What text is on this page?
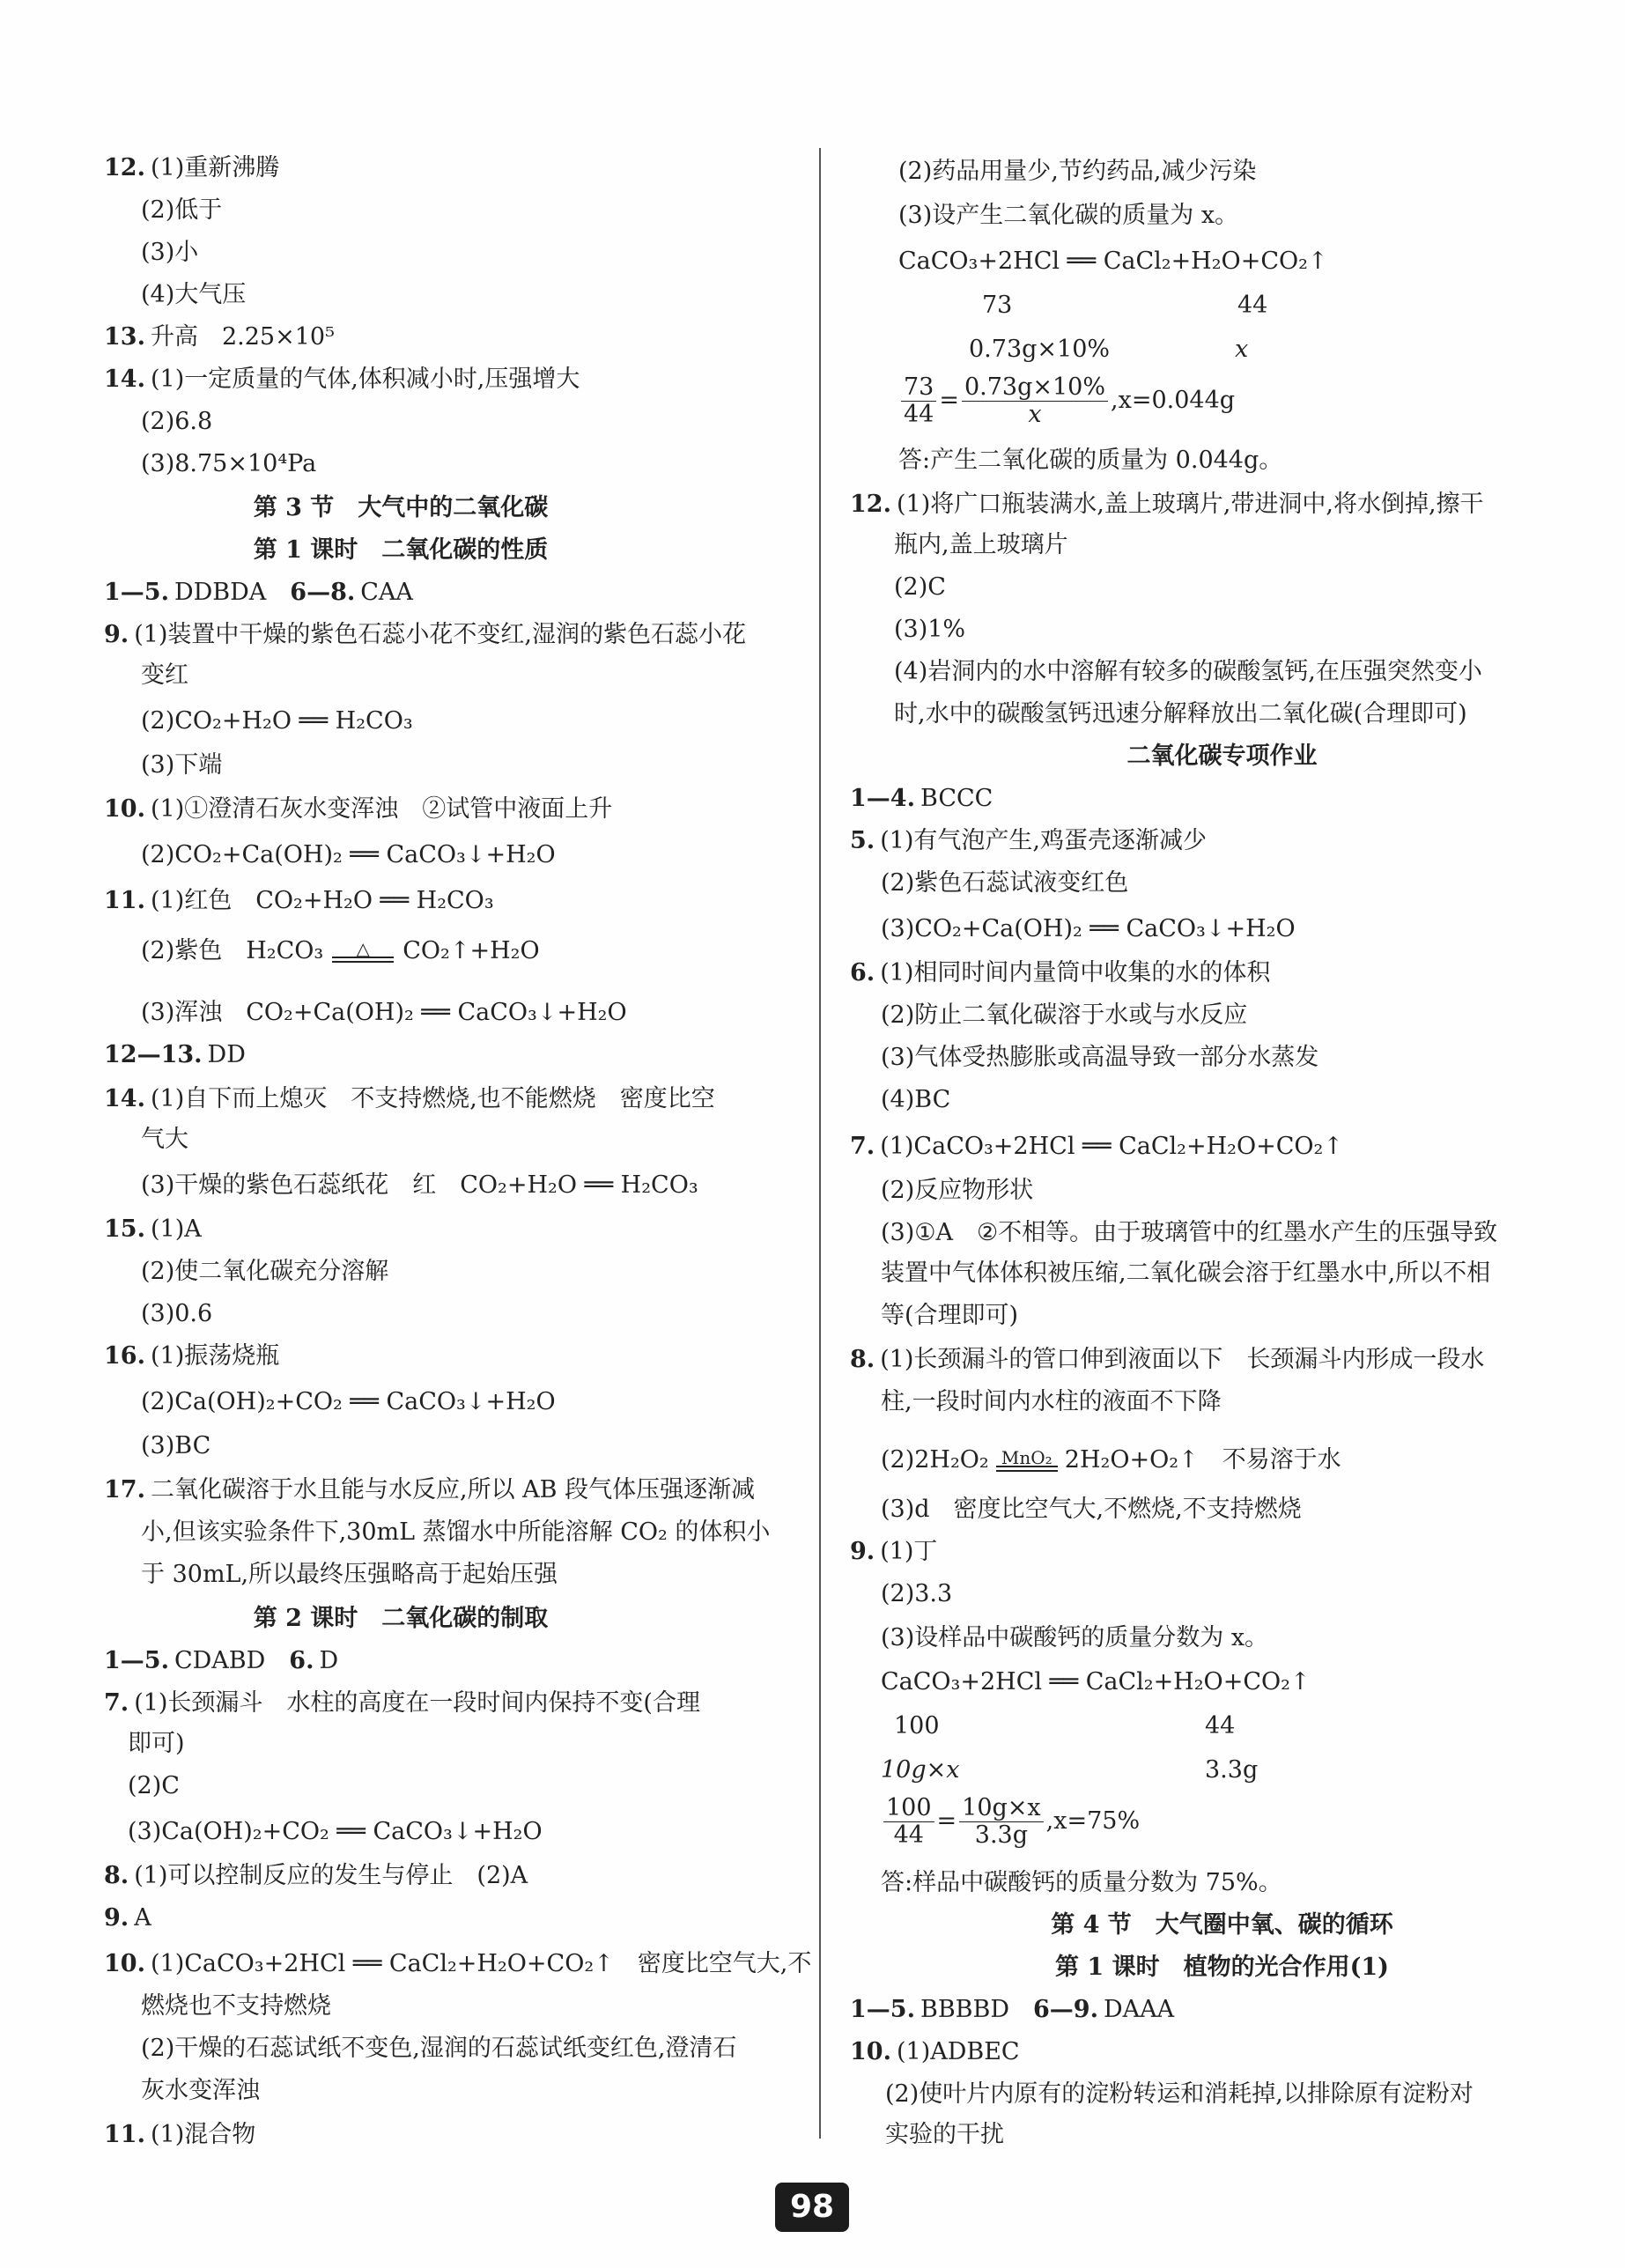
12. (1)重新沸腾
(2)低于
(3)小
(4)大气压
13. 升高　2.25×10⁵
14. (1)一定质量的气体,体积减小时,压强增大
(2)6.8
(3)8.75×10⁴Pa
第 3 节　大气中的二氧化碳
第 1 课时　二氧化碳的性质
1—5. DDBDA　 6—8. CAA
9. (1)装置中干燥的紫色石蕊小花不变红,湿润的紫色石蕊小花
变红
(2)CO₂+H₂O ══ H₂CO₃
(3)下端
10. (1)①澄清石灰水变浑浊　②试管中液面上升
(2)CO₂+Ca(OH)₂ ══ CaCO₃↓+H₂O
11. (1)红色　CO₂+H₂O ══ H₂CO₃
(2)紫色　H₂CO₃	△	CO₂↑+H₂O
(3)浑浊　CO₂+Ca(OH)₂ ══ CaCO₃↓+H₂O
12—13. DD
14. (1)自下而上熄灭　不支持燃烧,也不能燃烧　密度比空
气大
(3)干燥的紫色石蕊纸花　红　CO₂+H₂O ══ H₂CO₃
15. (1)A
(2)使二氧化碳充分溶解
(3)0.6
16. (1)振荡烧瓶
(2)Ca(OH)₂+CO₂ ══ CaCO₃↓+H₂O
(3)BC
17. 二氧化碳溶于水且能与水反应,所以 AB 段气体压强逐渐减
小,但该实验条件下,30mL 蒸馏水中所能溶解 CO₂ 的体积小
于 30mL,所以最终压强略高于起始压强
第 2 课时　二氧化碳的制取
1—5. CDABD　 6. D
7. (1)长颈漏斗　水柱的高度在一段时间内保持不变(合理
即可)
(2)C
(3)Ca(OH)₂+CO₂ ══ CaCO₃↓+H₂O
8. (1)可以控制反应的发生与停止　(2)A
9. A
10. (1)CaCO₃+2HCl ══ CaCl₂+H₂O+CO₂↑　密度比空气大,不
燃烧也不支持燃烧
(2)干燥的石蕊试纸不变色,湿润的石蕊试纸变红色,澄清石
灰水变浑浊
11. (1)混合物
(2)药品用量少,节约药品,减少污染
(3)设产生二氧化碳的质量为 x。
CaCO₃+2HCl ══ CaCl₂+H₂O+CO₂↑
73	44
0.73g×10%	x
$\frac{73}{44} = \frac{0.73g\times 10\%}{x} ,x=0.044g$
答:产生二氧化碳的质量为 0.044g。
12. (1)将广口瓶装满水,盖上玻璃片,带进洞中,将水倒掉,擦干
瓶内,盖上玻璃片
(2)C
(3)1%
(4)岩洞内的水中溶解有较多的碳酸氢钙,在压强突然变小
时,水中的碳酸氢钙迅速分解释放出二氧化碳(合理即可)
二氧化碳专项作业
1—4. BCCC
5. (1)有气泡产生,鸡蛋壳逐渐减少
(2)紫色石蕊试液变红色
(3)CO₂+Ca(OH)₂ ══ CaCO₃↓+H₂O
6. (1)相同时间内量筒中收集的水的体积
(2)防止二氧化碳溶于水或与水反应
(3)气体受热膨胀或高温导致一部分水蒸发
(4)BC
7. (1)CaCO₃+2HCl ══ CaCl₂+H₂O+CO₂↑
(2)反应物形状
(3)①A　②不相等。由于玻璃管中的红墨水产生的压强导致
装置中气体体积被压缩,二氧化碳会溶于红墨水中,所以不相
等(合理即可)
8. (1)长颈漏斗的管口伸到液面以下　长颈漏斗内形成一段水
柱,一段时间内水柱的液面不下降
(2)2H₂O₂ MnO₂ 2H₂O+O₂↑　不易溶于水
(3)d　密度比空气大,不燃烧,不支持燃烧
9. (1)丁
(2)3.3
(3)设样品中碳酸钙的质量分数为 x。
CaCO₃+2HCl ══ CaCl₂+H₂O+CO₂↑
100	44
10g×x	3.3g
$\frac{100}{44} = \frac{10g\times x}{3.3g} ,x=75\%$
答:样品中碳酸钙的质量分数为 75%。
第 4 节　大气圈中氧、碳的循环
第 1 课时　植物的光合作用(1)
1—5. BBBBD　 6—9. DAAA
10. (1)ADBEC
(2)使叶片内原有的淀粉转运和消耗掉,以排除原有淀粉对
实验的干扰
98
